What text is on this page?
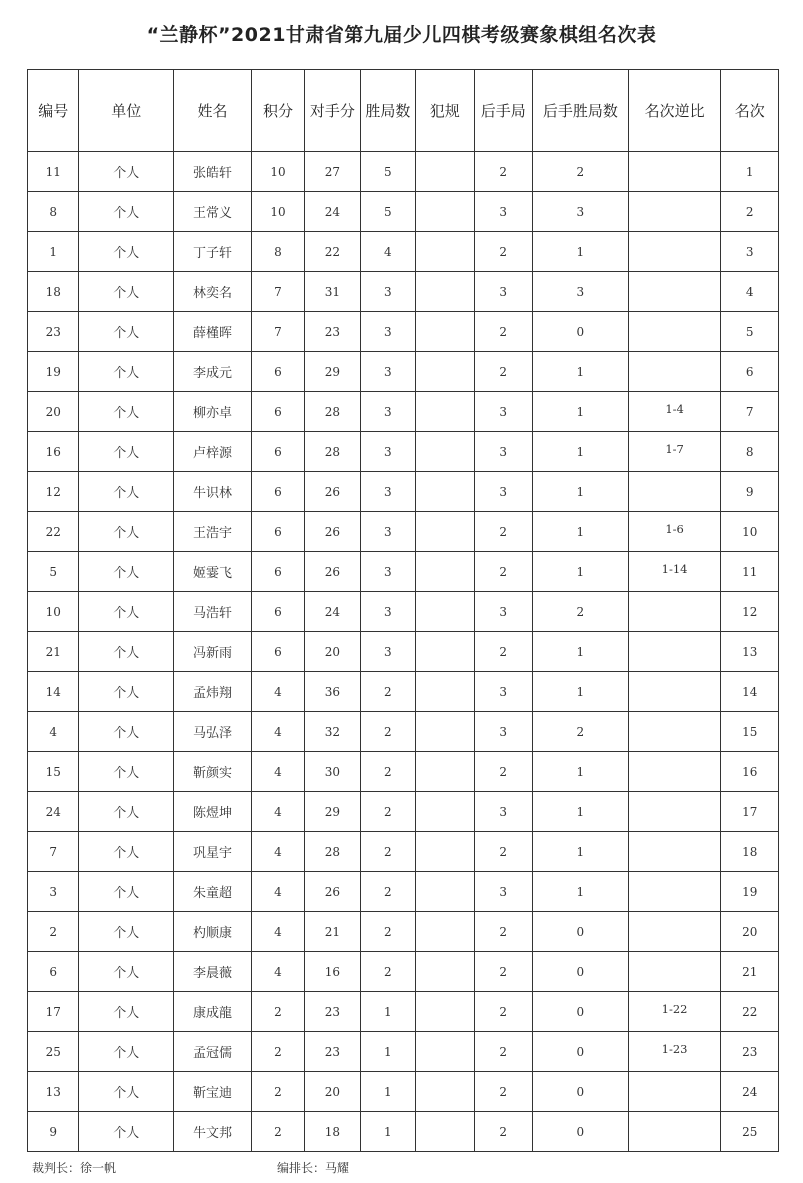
“兰静杯”2021甘肃省第九届少儿四棋考级赛象棋组名次表
编号	单位	姓名	积分	对手分	胜局数	犯规	后手局	后手胜局数	名次逆比	名次
11	个人	张皓轩	10	27	5		2	2		1
8	个人	王常义	10	24	5		3	3		2
1	个人	丁子轩	8	22	4		2	1		3
18	个人	林奕名	7	31	3		3	3		4
23	个人	薛槿晖	7	23	3		2	0		5
19	个人	李成元	6	29	3		2	1		6
20	个人	柳亦卓	6	28	3		3	1	1-4	7
16	个人	卢梓源	6	28	3		3	1	1-7	8
12	个人	牛识林	6	26	3		3	1		9
22	个人	王浩宇	6	26	3		2	1	1-6	10
5	个人	姬霎飞	6	26	3		2	1	1-14	11
10	个人	马浩轩	6	24	3		3	2		12
21	个人	冯新雨	6	20	3		2	1		13
14	个人	孟炜翔	4	36	2		3	1		14
4	个人	马弘泽	4	32	2		3	2		15
15	个人	靳颜实	4	30	2		2	1		16
24	个人	陈煜坤	4	29	2		3	1		17
7	个人	巩星宇	4	28	2		2	1		18
3	个人	朱童超	4	26	2		3	1		19
2	个人	杓顺康	4	21	2		2	0		20
6	个人	李晨薇	4	16	2		2	0		21
17	个人	康成龍	2	23	1		2	0	1-22	22
25	个人	孟冠儒	2	23	1		2	0	1-23	23
13	个人	靳宝迪	2	20	1		2	0		24
9	个人	牛文邦	2	18	1		2	0		25
裁判长：徐一帆	编排长：马耀
